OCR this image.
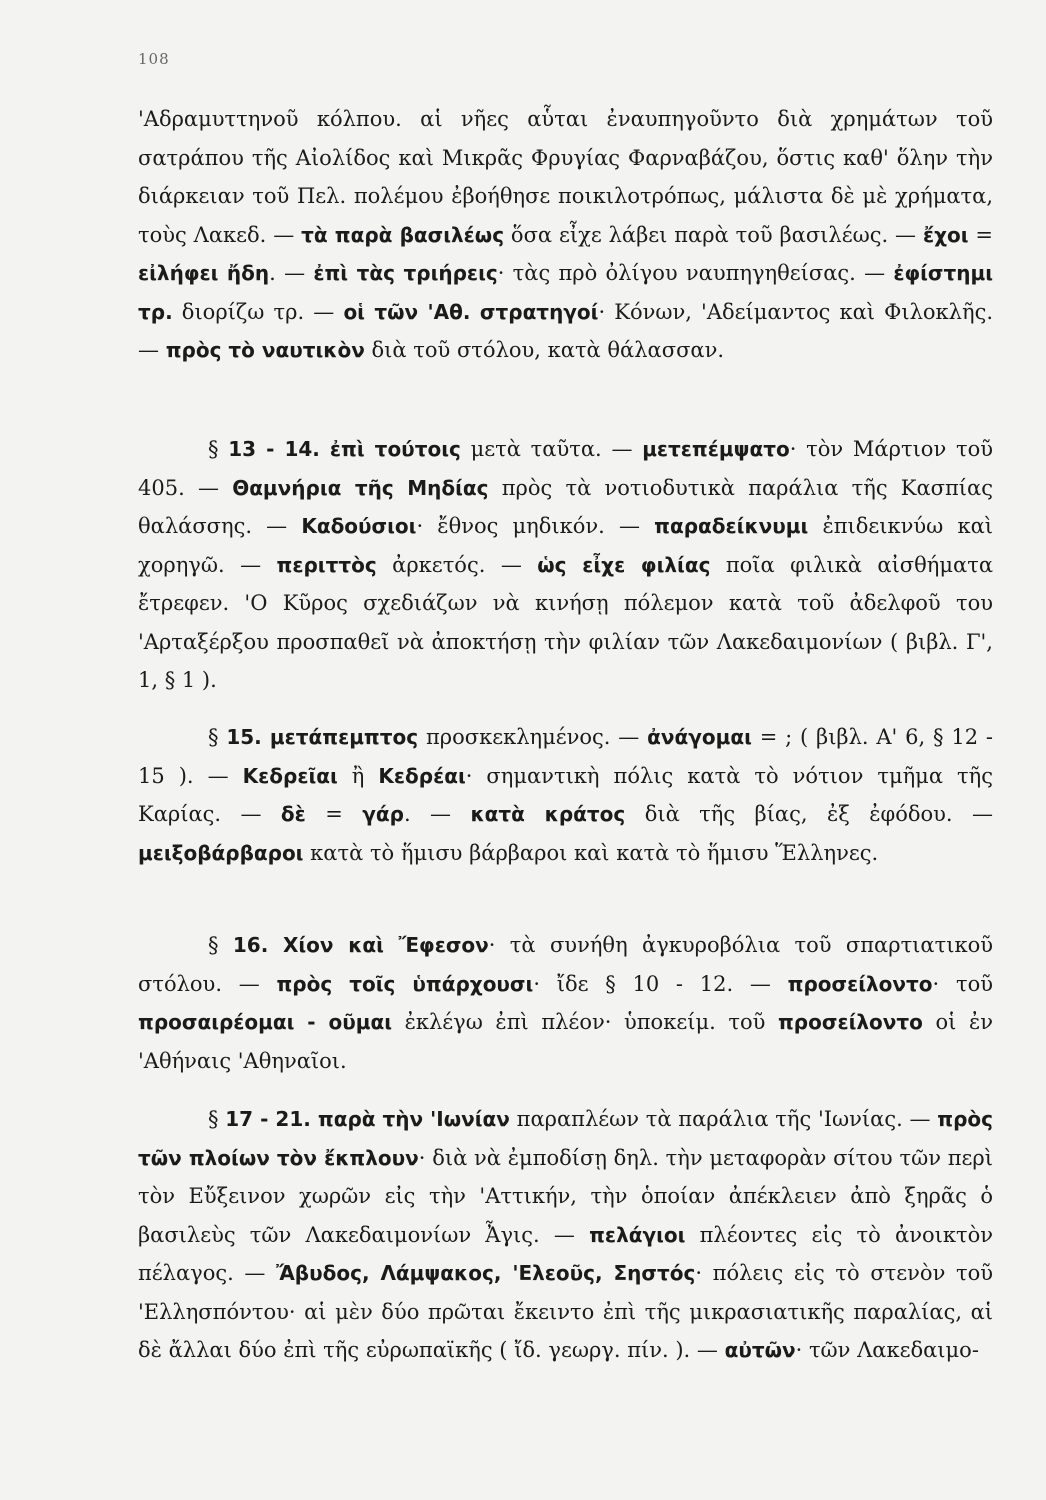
108
'Αδραμυττηνοῦ κόλπου. αἱ νῆες αὗται ἐναυπηγοῦντο διὰ χρημάτων τοῦ σατράπου τῆς Αἰολίδος καὶ Μικρᾶς Φρυγίας Φαρναβάζου, ὅστις καθ' ὅλην τὴν διάρκειαν τοῦ Πελ. πολέμου ἐβοήθησε ποικιλοτρόπως, μάλιστα δὲ μὲ χρήματα, τοὺς Λακεδ. — τὰ παρὰ βασιλέως ὅσα εἶχε λάβει παρὰ τοῦ βασιλέως. — ἔχοι = εἰλήφει ἤδη. — ἐπὶ τὰς τριήρεις· τὰς πρὸ ὀλίγου ναυπηγηθείσας. — ἐφίστημι τρ. διορίζω τρ. — οἱ τῶν 'Αθ. στρατηγοί· Κόνων, 'Αδείμαντος καὶ Φιλοκλῆς. — πρὸς τὸ ναυτικὸν διὰ τοῦ στόλου, κατὰ θάλασσαν.
§ 13 - 14. ἐπὶ τούτοις μετὰ ταῦτα. — μετεπέμψατο· τὸν Μάρτιον τοῦ 405. — Θαμνήρια τῆς Μηδίας πρὸς τὰ νοτιοδυτικὰ παράλια τῆς Κασπίας θαλάσσης. — Καδούσιοι· ἔθνος μηδικόν. — παραδείκνυμι ἐπιδεικνύω καὶ χορηγῶ. — περιττὸς ἀρκετός. — ὡς εἶχε φιλίας ποῖα φιλικὰ αἰσθήματα ἔτρεφεν. 'Ο Κῦρος σχεδιάζων νὰ κινήσῃ πόλεμον κατὰ τοῦ ἀδελφοῦ του 'Αρταξέρξου προσπαθεῖ νὰ ἀποκτήσῃ τὴν φιλίαν τῶν Λακεδαιμονίων ( βιβλ. Γ', 1, § 1 ).
§ 15. μετάπεμπτος προσκεκλημένος. — ἀνάγομαι = ; ( βιβλ. Α' 6, § 12 - 15 ). — Κεδρεῖαι ἢ Κεδρέαι· σημαντικὴ πόλις κατὰ τὸ νότιον τμῆμα τῆς Καρίας. — δὲ = γάρ. — κατὰ κράτος διὰ τῆς βίας, ἐξ ἐφόδου. — μειξοβάρβαροι κατὰ τὸ ἥμισυ βάρβαροι καὶ κατὰ τὸ ἥμισυ Ἕλληνες.
§ 16. Χίον καὶ Ἔφεσον· τὰ συνήθη ἀγκυροβόλια τοῦ σπαρτιατικοῦ στόλου. — πρὸς τοῖς ὑπάρχουσι· ἴδε § 10 - 12. — προσείλοντο· τοῦ προσαιρέομαι - οῦμαι ἐκλέγω ἐπὶ πλέον· ὑποκείμ. τοῦ προσείλοντο οἱ ἐν 'Αθήναις 'Αθηναῖοι.
§ 17 - 21. παρὰ τὴν 'Ιωνίαν παραπλέων τὰ παράλια τῆς 'Ιωνίας. — πρὸς τῶν πλοίων τὸν ἔκπλουν· διὰ νὰ ἐμποδίσῃ δηλ. τὴν μεταφορὰν σίτου τῶν περὶ τὸν Εὔξεινον χωρῶν εἰς τὴν 'Αττικήν, τὴν ὁποίαν ἀπέκλειεν ἀπὸ ξηρᾶς ὁ βασιλεὺς τῶν Λακεδαιμονίων Ἆγις. — πελάγιοι πλέοντες εἰς τὸ ἀνοικτὸν πέλαγος. — Ἄβυδος, Λάμψακος, 'Ελεοῦς, Σηστός· πόλεις εἰς τὸ στενὸν τοῦ 'Ελλησπόντου· αἱ μὲν δύο πρῶται ἔκειντο ἐπὶ τῆς μικρασιατικῆς παραλίας, αἱ δὲ ἄλλαι δύο ἐπὶ τῆς εὐρωπαϊκῆς ( ἴδ. γεωργ. πίν. ). — αὐτῶν· τῶν Λακεδαιμο-
